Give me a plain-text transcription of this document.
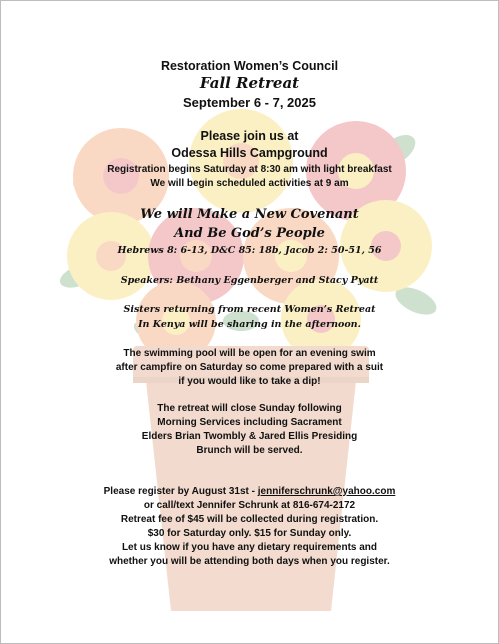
Restoration Women’s Council
Fall Retreat
September 6 - 7, 2025
Please join us at
Odessa Hills Campground
Registration begins Saturday at 8:30 am with light breakfast
We will begin scheduled activities at 9 am
We will Make a New Covenant
And Be God’s People
Hebrews 8: 6-13, D&C 85: 18b, Jacob 2: 50-51, 56
Speakers: Bethany Eggenberger and Stacy Pyatt
Sisters returning from recent Women’s Retreat
In Kenya will be sharing in the afternoon.
The swimming pool will be open for an evening swim
after campfire on Saturday so come prepared with a suit
if you would like to take a dip!
The retreat will close Sunday following
Morning Services including Sacrament
Elders Brian Twombly & Jared Ellis Presiding
Brunch will be served.
Please register by August 31st - jenniferschrunk@yahoo.com
or call/text Jennifer Schrunk at 816-674-2172
Retreat fee of $45 will be collected during registration.
$30 for Saturday only. $15 for Sunday only.
Let us know if you have any dietary requirements and
whether you will be attending both days when you register.
